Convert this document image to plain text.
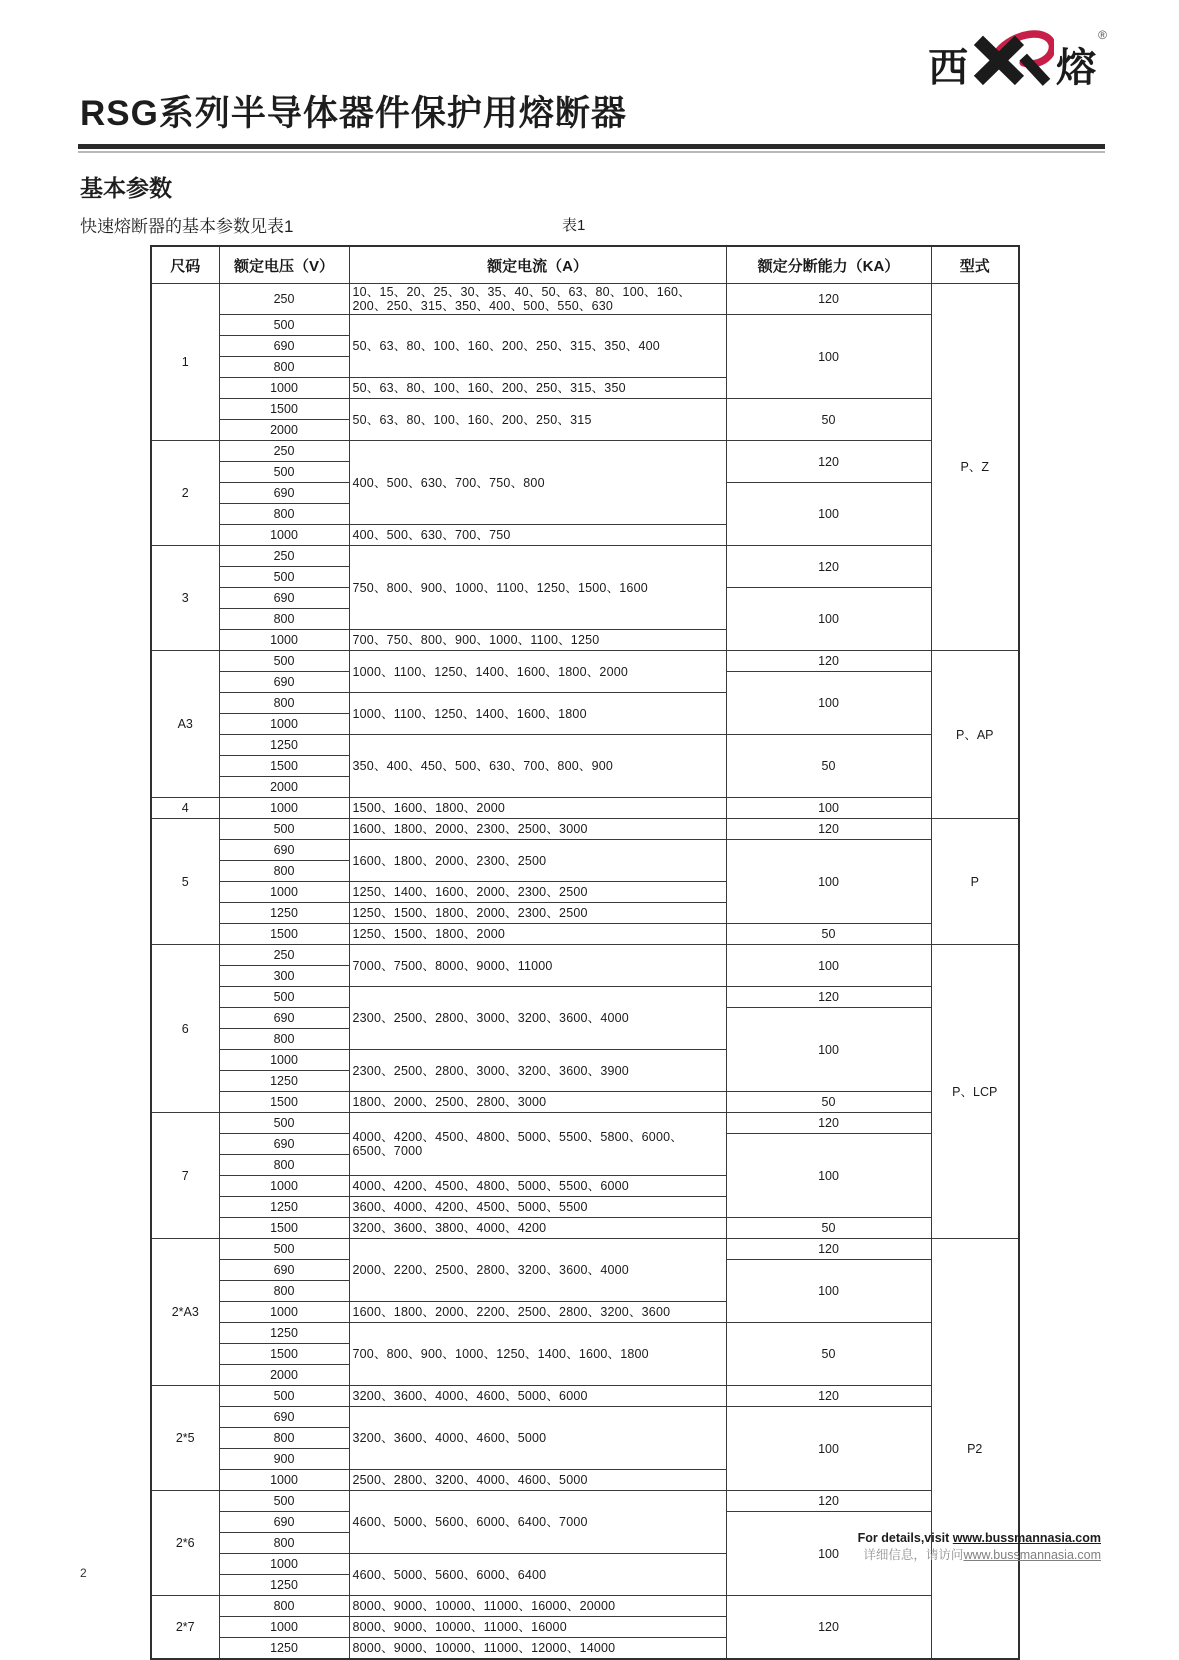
西 熔
®
RSG系列半导体器件保护用熔断器
基本参数
快速熔断器的基本参数见表1	表1
尺码	额定电压（V）	额定电流（A）	额定分断能力（KA）	型式
1	250	10、15、20、25、30、35、40、50、63、80、100、160、200、250、315、350、400、500、550、630	120	P、Z
	500	50、63、80、100、160、200、250、315、350、400	100	
	690			
	800			
	1000	50、63、80、100、160、200、250、315、350		
	1500	50、63、80、100、160、200、250、315	50	
	2000			
2	250	400、500、630、700、750、800	120	
	500			
	690		100	
	800			
	1000	400、500、630、700、750		
3	250	750、800、900、1000、1100、1250、1500、1600	120	
	500			
	690		100	
	800			
	1000	700、750、800、900、1000、1100、1250		
A3	500	1000、1100、1250、1400、1600、1800、2000	120	P、AP
	690		100	
	800	1000、1100、1250、1400、1600、1800		
	1000			
	1250	350、400、450、500、630、700、800、900	50	
	1500			
	2000			
4	1000	1500、1600、1800、2000	100	
5	500	1600、1800、2000、2300、2500、3000	120	P
	690	1600、1800、2000、2300、2500	100	
	800			
	1000	1250、1400、1600、2000、2300、2500		
	1250	1250、1500、1800、2000、2300、2500		
	1500	1250、1500、1800、2000	50	
6	250	7000、7500、8000、9000、11000	100	P、LCP
	300			
	500	2300、2500、2800、3000、3200、3600、4000	120	
	690		100	
	800			
	1000	2300、2500、2800、3000、3200、3600、3900		
	1250			
	1500	1800、2000、2500、2800、3000	50	
7	500	4000、4200、4500、4800、5000、5500、5800、6000、6500、7000	120	
	690		100	
	800			
	1000	4000、4200、4500、4800、5000、5500、6000		
	1250	3600、4000、4200、4500、5000、5500		
	1500	3200、3600、3800、4000、4200	50	
2*A3	500	2000、2200、2500、2800、3200、3600、4000	120	P2
	690		100	
	800			
	1000	1600、1800、2000、2200、2500、2800、3200、3600		
	1250	700、800、900、1000、1250、1400、1600、1800	50	
	1500			
	2000			
2*5	500	3200、3600、4000、4600、5000、6000	120	
	690	3200、3600、4000、4600、5000	100	
	800			
	900			
	1000	2500、2800、3200、4000、4600、5000		
2*6	500	4600、5000、5600、6000、6400、7000	120	
	690		100	
	800			
	1000	4600、5000、5600、6000、6400		
	1250			
2*7	800	8000、9000、10000、11000、16000、20000	120	
	1000	8000、9000、10000、11000、16000		
	1250	8000、9000、10000、11000、12000、14000		
For details,visit www.bussmannasia.com
详细信息，请访问www.bussmannasia.com
2
